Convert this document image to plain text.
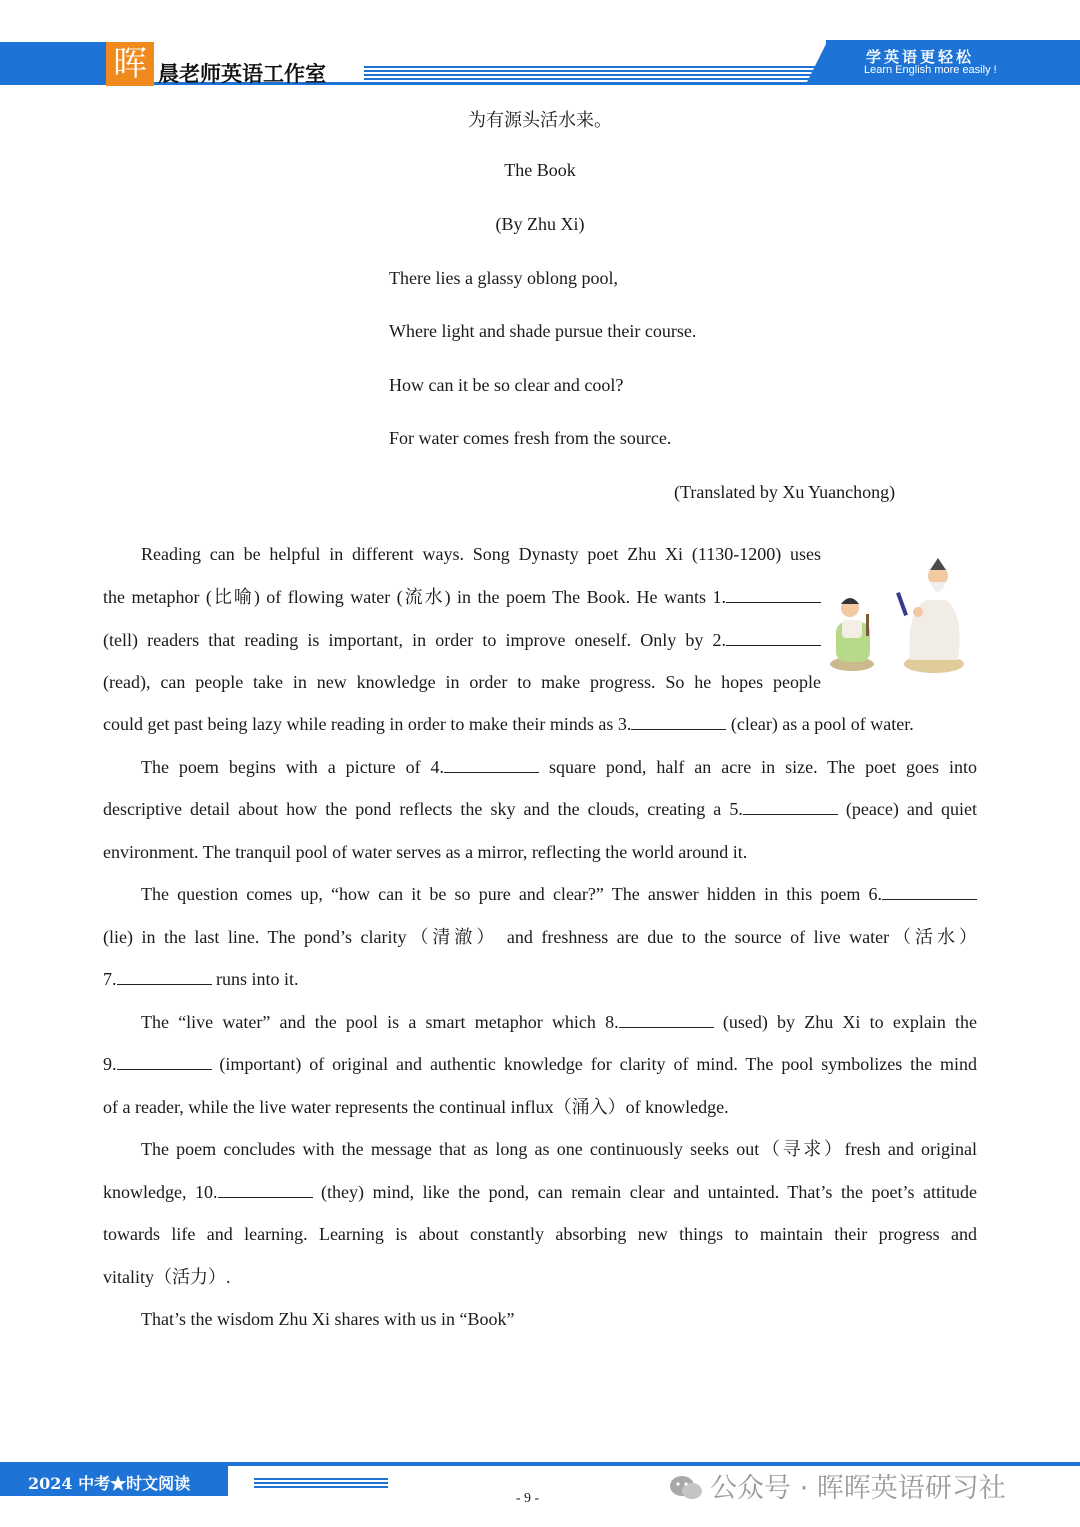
晖 晨老师英语工作室
学英语更轻松
Learn English more easily !
为有源头活水来。
The Book
(By Zhu Xi)
There lies a glassy oblong pool,
Where light and shade pursue their course.
How can it be so clear and cool?
For water comes fresh from the source.
(Translated by Xu Yuanchong)
Reading can be helpful in different ways. Song Dynasty poet Zhu Xi (1130-1200) uses
the metaphor (比喻) of flowing water (流水) in the poem The Book. He wants 1.
(tell) readers that reading is important, in order to improve oneself. Only by 2.
(read), can people take in new knowledge in order to make progress. So he hopes people
could get past being lazy while reading in order to make their minds as 3.	(clear) as a pool of water.
The poem begins with a picture of 4.	square pond, half an acre in size. The poet goes into
descriptive detail about how the pond reflects the sky and the clouds, creating a 5.	(peace) and quiet
environment. The tranquil pool of water serves as a mirror, reflecting the world around it.
The question comes up, “how can it be so pure and clear?” The answer hidden in this poem 6.
(lie) in the last line. The pond’s clarity（清澈） and freshness are due to the source of live water（活水）
7.	runs into it.
The “live water” and the pool is a smart metaphor which 8.	(used) by Zhu Xi to explain the
9.	(important) of original and authentic knowledge for clarity of mind. The pool symbolizes the mind
of a reader, while the live water represents the continual influx（涌入）of knowledge.
The poem concludes with the message that as long as one continuously seeks out（寻求）fresh and original
knowledge, 10.	(they) mind, like the pond, can remain clear and untainted. That’s the poet’s attitude
towards life and learning. Learning is about constantly absorbing new things to maintain their progress and
vitality（活力）.
That’s the wisdom Zhu Xi shares with us in “Book”
2024 中考★时文阅读
- 9 -	公众号 · 晖晖英语研习社
